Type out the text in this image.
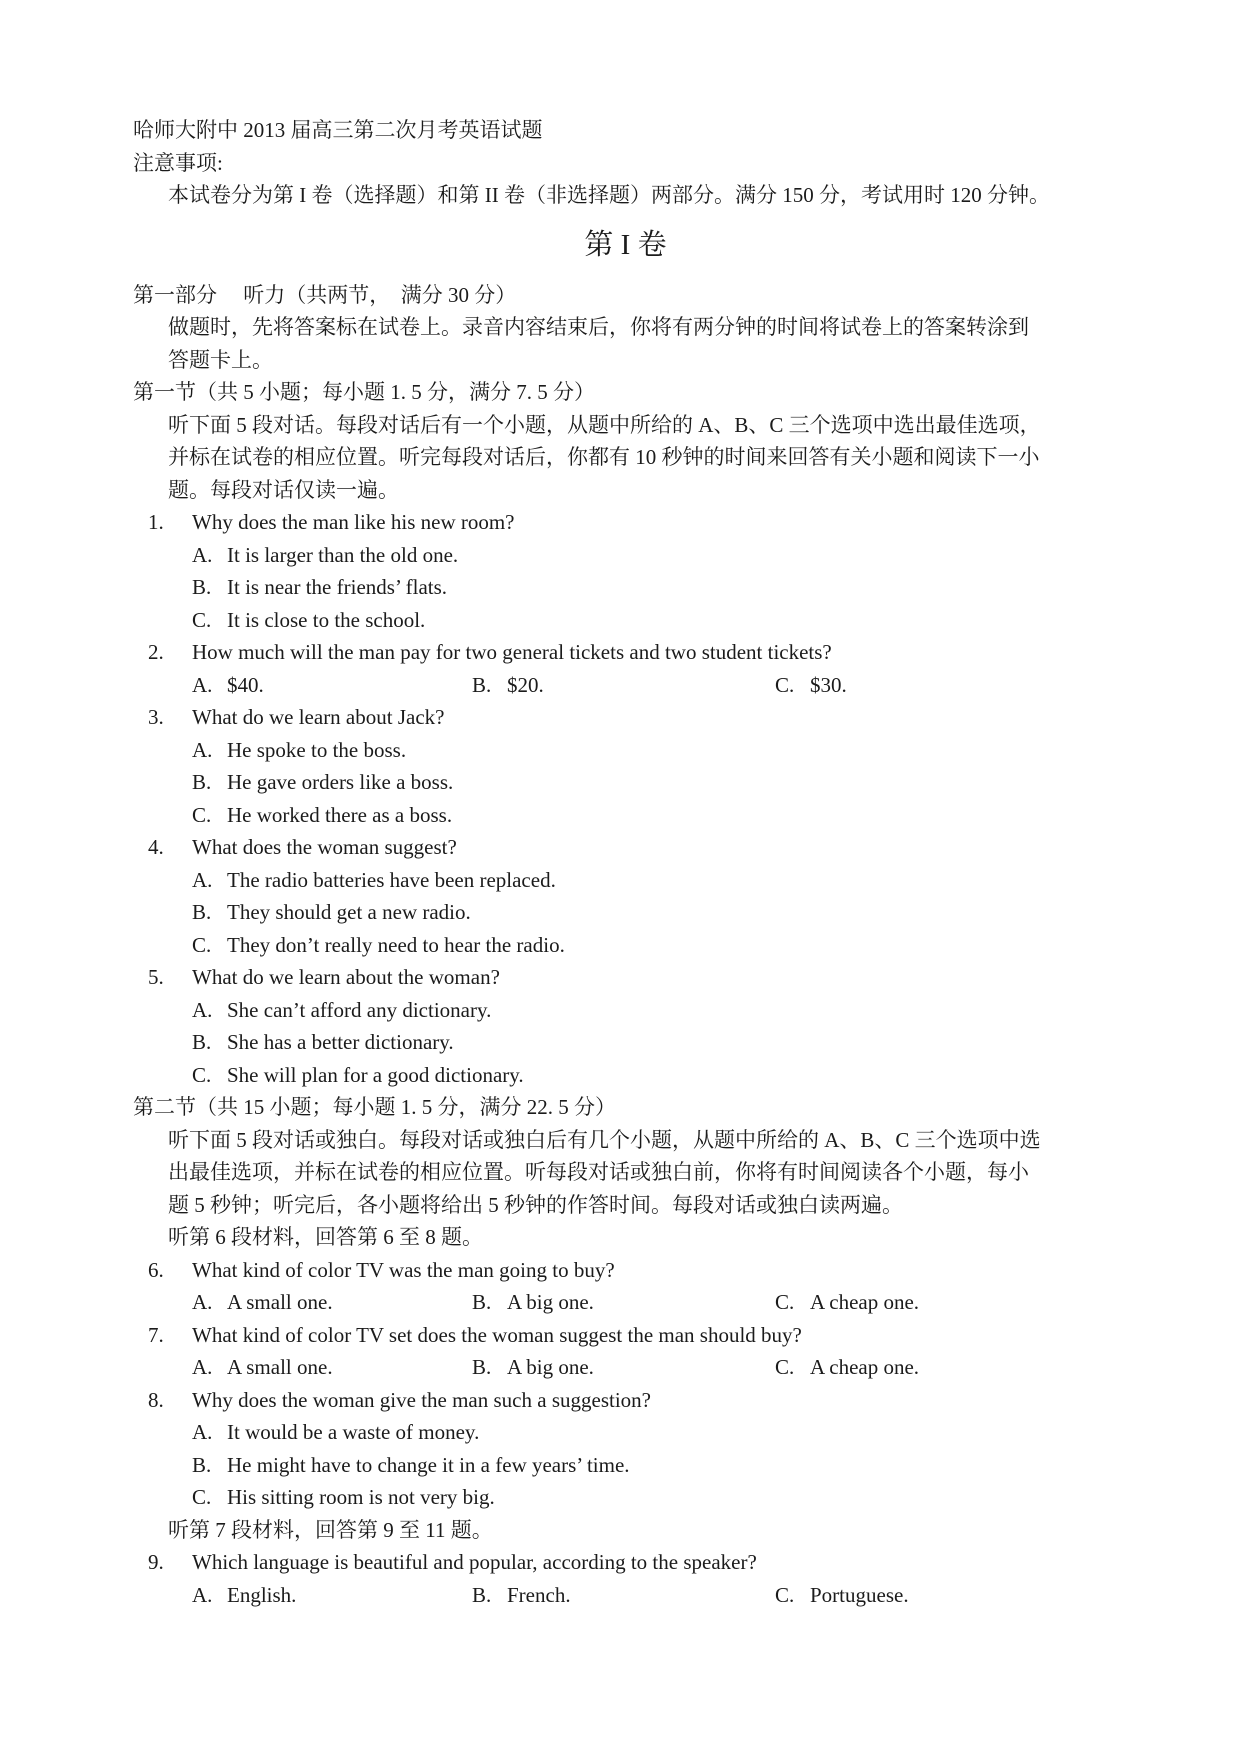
哈师大附中 2013 届高三第二次月考英语试题
注意事项:
本试卷分为第 I 卷（选择题）和第 II 卷（非选择题）两部分。满分 150 分，考试用时 120 分钟。
第 I 卷
第一部分     听力（共两节，  满分 30 分）
做题时，先将答案标在试卷上。录音内容结束后，你将有两分钟的时间将试卷上的答案转涂到
答题卡上。
第一节（共 5 小题；每小题 1. 5 分，满分 7. 5 分）
听下面 5 段对话。每段对话后有一个小题，从题中所给的 A、B、C 三个选项中选出最佳选项，
并标在试卷的相应位置。听完每段对话后，你都有 10 秒钟的时间来回答有关小题和阅读下一小
题。每段对话仅读一遍。
1.	Why does the man like his new room?
A. It is larger than the old one.
B. It is near the friends’ flats.
C. It is close to the school.
2.	How much will the man pay for two general tickets and two student tickets?
A. $40.	B. $20.	C. $30.
3.	What do we learn about Jack?
A. He spoke to the boss.
B. He gave orders like a boss.
C. He worked there as a boss.
4.	What does the woman suggest?
A. The radio batteries have been replaced.
B. They should get a new radio.
C. They don’t really need to hear the radio.
5.	What do we learn about the woman?
A. She can’t afford any dictionary.
B. She has a better dictionary.
C. She will plan for a good dictionary.
第二节（共 15 小题；每小题 1. 5 分，满分 22. 5 分）
听下面 5 段对话或独白。每段对话或独白后有几个小题，从题中所给的 A、B、C 三个选项中选
出最佳选项，并标在试卷的相应位置。听每段对话或独白前，你将有时间阅读各个小题，每小
题 5 秒钟；听完后，各小题将给出 5 秒钟的作答时间。每段对话或独白读两遍。
听第 6 段材料，回答第 6 至 8 题。
6.	What kind of color TV was the man going to buy?
A. A small one.	B. A big one.	C. A cheap one.
7.	What kind of color TV set does the woman suggest the man should buy?
A. A small one.	B. A big one.	C. A cheap one.
8.	Why does the woman give the man such a suggestion?
A. It would be a waste of money.
B. He might have to change it in a few years’ time.
C. His sitting room is not very big.
听第 7 段材料，回答第 9 至 11 题。
9.	Which language is beautiful and popular, according to the speaker?
A. English.	B. French.	C. Portuguese.
